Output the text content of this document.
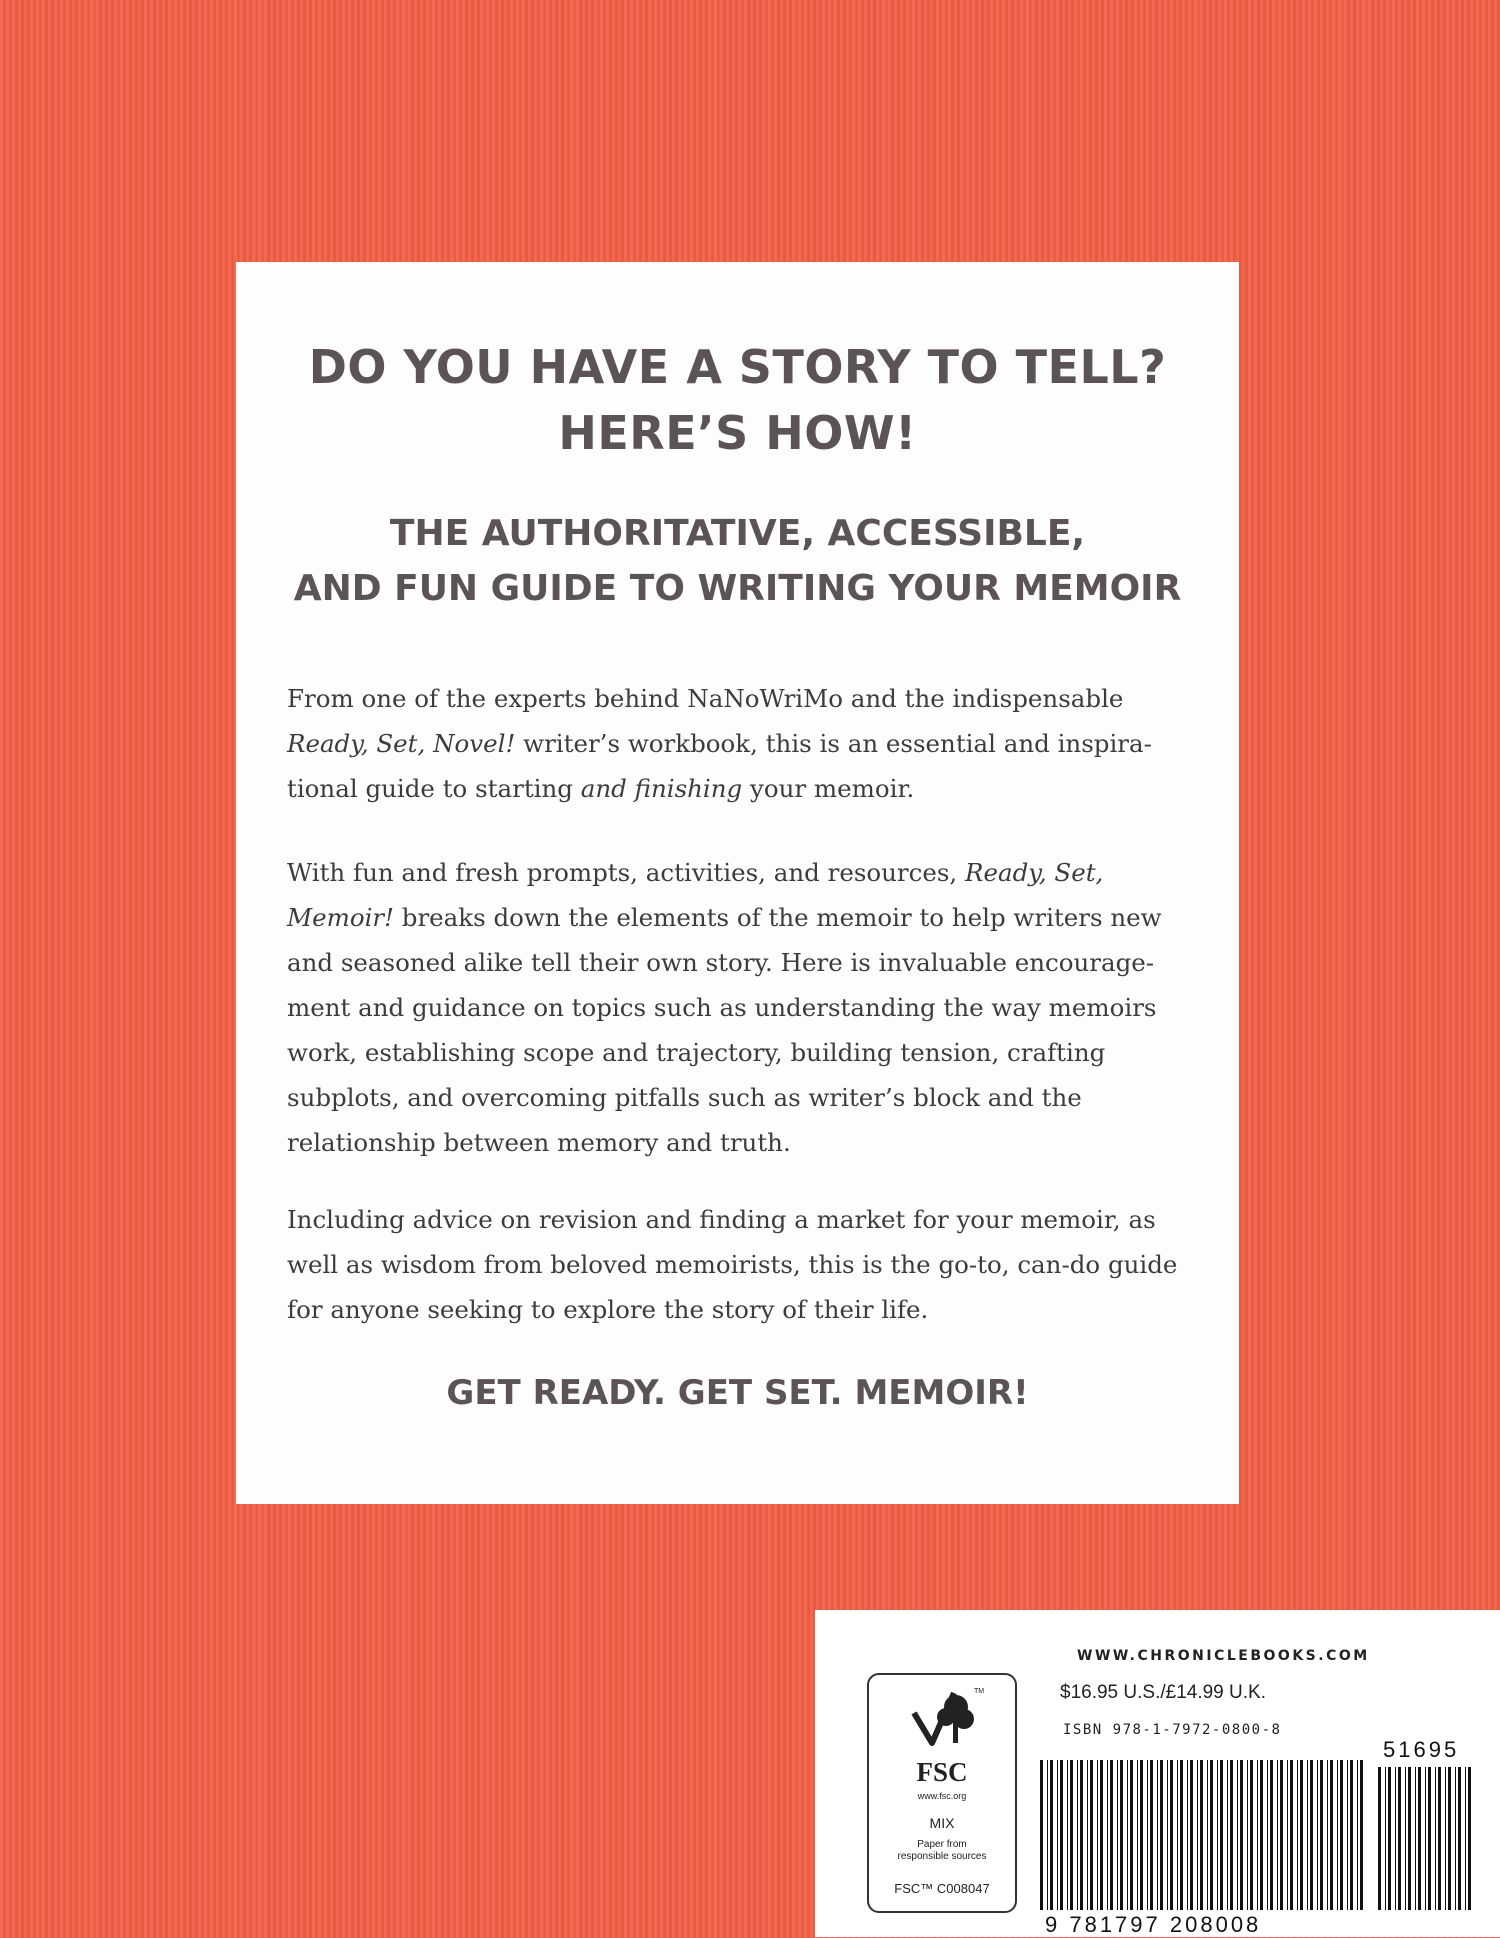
DO YOU HAVE A STORY TO TELL?
HERE’S HOW!
THE AUTHORITATIVE, ACCESSIBLE,
AND FUN GUIDE TO WRITING YOUR MEMOIR

From one of the experts behind NaNoWriMo and the indispensable Ready, Set, Novel! writer’s workbook, this is an essential and inspira-tional guide to starting and finishing your memoir.

With fun and fresh prompts, activities, and resources, Ready, Set, Memoir! breaks down the elements of the memoir to help writers new and seasoned alike tell their own story. Here is invaluable encourage-ment and guidance on topics such as understanding the way memoirs work, establishing scope and trajectory, building tension, crafting subplots, and overcoming pitfalls such as writer’s block and the relationship between memory and truth.

Including advice on revision and finding a market for your memoir, as well as wisdom from beloved memoirists, this is the go-to, can-do guide for anyone seeking to explore the story of their life.

GET READY. GET SET. MEMOIR!

WWW.CHRONICLEBOOKS.COM

$16.95 U.S./£14.99 U.K.

ISBN 978-1-7972-0800-8

TM

FSC

www.fsc.org

MIX

Paper from
responsible sources

FSC™ C008047

51695

9 781797 208008
